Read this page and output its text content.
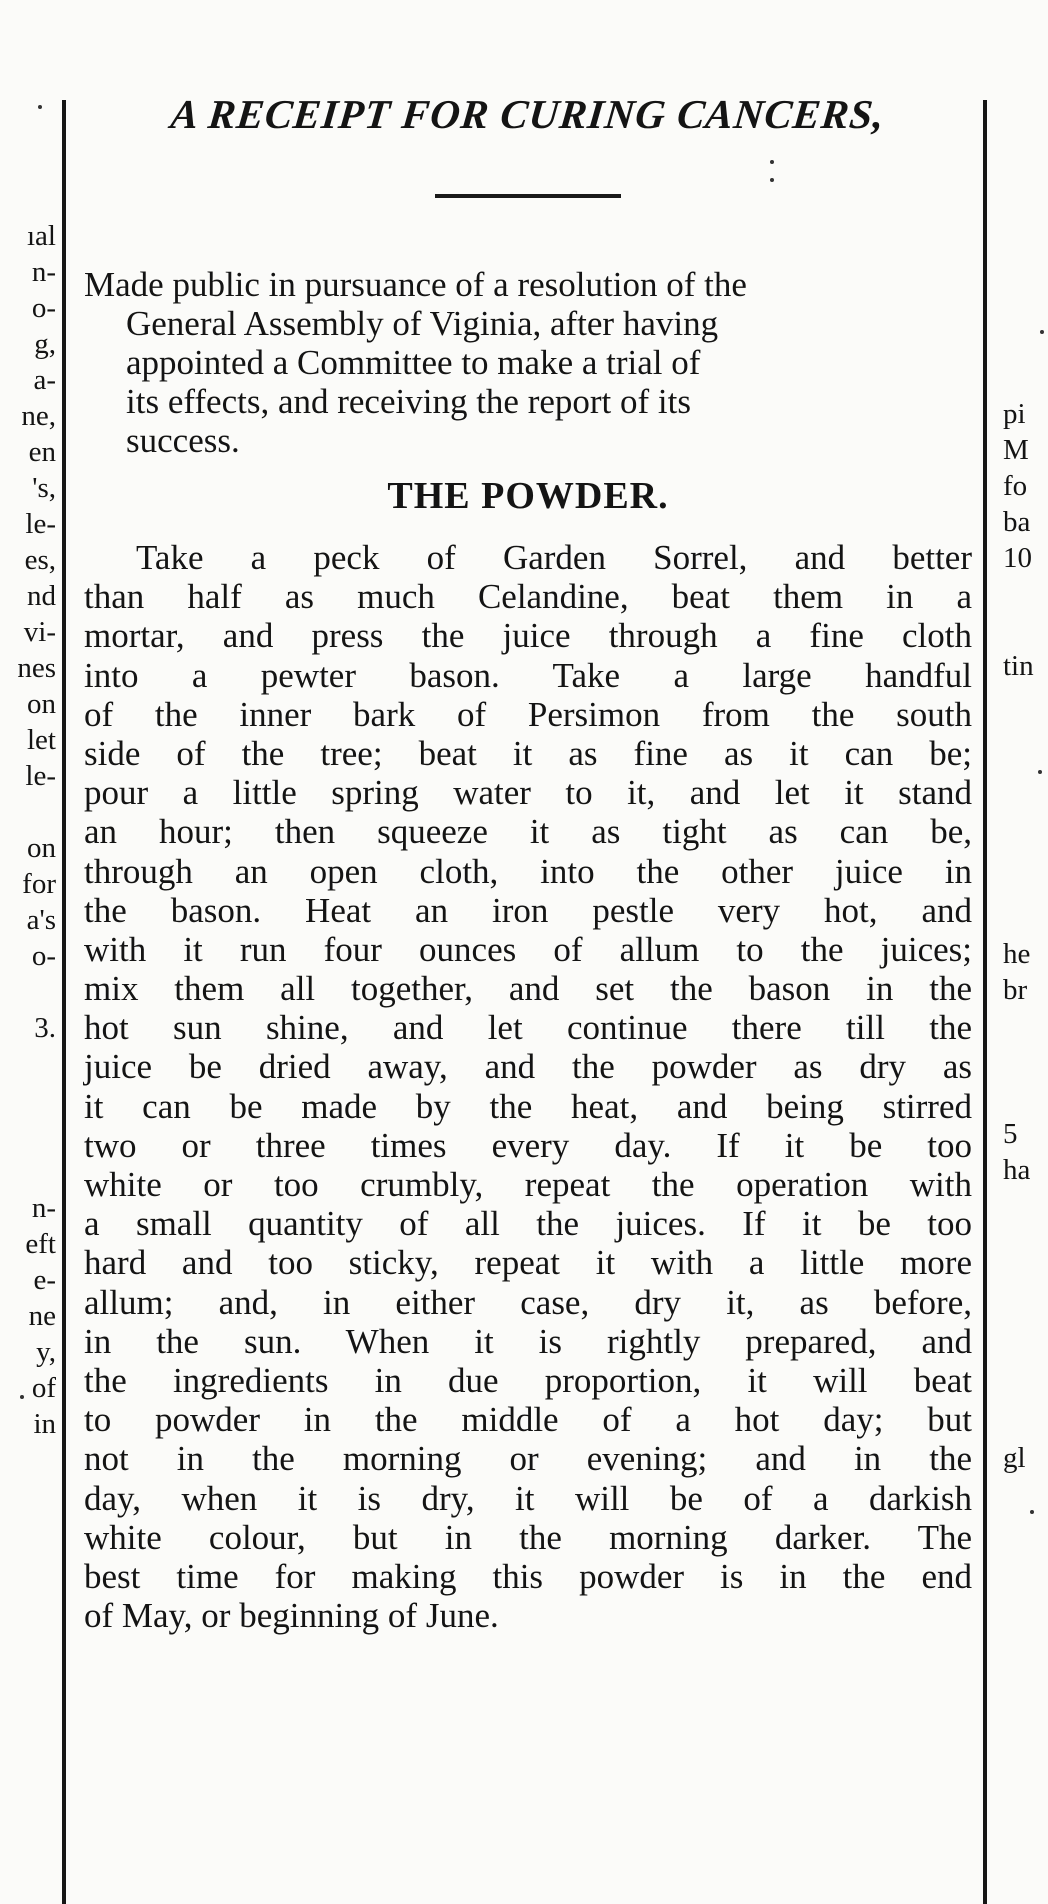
ıal
n-
o-
g,
a-
ne,
en
's,
le-
es,
nd
vi-
nes
on
let
le-
on
for
a's
o-
3.
n-
eft
e-
ne
y,
of
in
pi
M
fo
ba
10
tin
he
br
5
ha
gl
A RECEIPT FOR CURING CANCERS,
Made public in pursuance of a resolution of the
General Assembly of Viginia, after having
appointed a Committee to make a trial of
its effects, and receiving the report of its
success.
THE POWDER.
Take a peck of Garden Sorrel, and better
than half as much Celandine, beat them in a
mortar, and press the juice through a fine cloth
into a pewter bason. Take a large handful
of the inner bark of Persimon from the south
side of the tree; beat it as fine as it can be;
pour a little spring water to it, and let it stand
an hour; then squeeze it as tight as can be,
through an open cloth, into the other juice in
the bason. Heat an iron pestle very hot, and
with it run four ounces of allum to the juices;
mix them all together, and set the bason in the
hot sun shine, and let continue there till the
juice be dried away, and the powder as dry as
it can be made by the heat, and being stirred
two or three times every day. If it be too
white or too crumbly, repeat the operation with
a small quantity of all the juices. If it be too
hard and too sticky, repeat it with a little more
allum; and, in either case, dry it, as before,
in the sun. When it is rightly prepared, and
the ingredients in due proportion, it will beat
to powder in the middle of a hot day; but
not in the morning or evening; and in the
day, when it is dry, it will be of a darkish
white colour, but in the morning darker. The
best time for making this powder is in the end
of May, or beginning of June.
